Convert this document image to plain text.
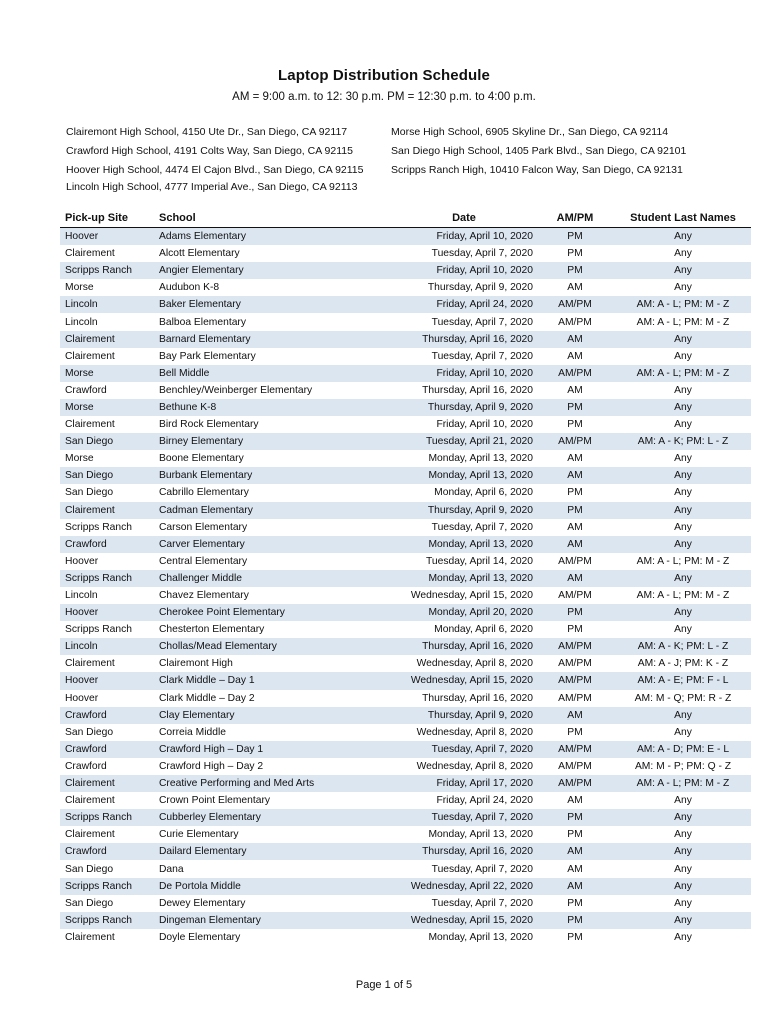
Laptop Distribution Schedule
AM = 9:00 a.m. to 12: 30 p.m. PM = 12:30 p.m. to 4:00 p.m.
Clairemont High School, 4150 Ute Dr., San Diego, CA 92117
Crawford High School, 4191 Colts Way, San Diego, CA 92115
Hoover High School, 4474 El Cajon Blvd., San Diego, CA 92115
Lincoln High School, 4777 Imperial Ave., San Diego, CA 92113
Morse High School, 6905 Skyline Dr., San Diego, CA 92114
San Diego High School, 1405 Park Blvd., San Diego, CA 92101
Scripps Ranch High, 10410 Falcon Way, San Diego, CA 92131
Pick-up Site	School	Date	AM/PM	Student Last Names
Hoover	Adams Elementary	Friday, April 10, 2020	PM	Any
Clairement	Alcott Elementary	Tuesday, April 7, 2020	PM	Any
Scripps Ranch	Angier Elementary	Friday, April 10, 2020	PM	Any
Morse	Audubon K-8	Thursday, April 9, 2020	AM	Any
Lincoln	Baker Elementary	Friday, April 24, 2020	AM/PM	AM: A - L; PM: M - Z
Lincoln	Balboa Elementary	Tuesday, April 7, 2020	AM/PM	AM: A - L; PM: M - Z
Clairement	Barnard Elementary	Thursday, April 16, 2020	AM	Any
Clairement	Bay Park Elementary	Tuesday, April 7, 2020	AM	Any
Morse	Bell Middle	Friday, April 10, 2020	AM/PM	AM: A - L; PM: M - Z
Crawford	Benchley/Weinberger Elementary	Thursday, April 16, 2020	AM	Any
Morse	Bethune K-8	Thursday, April 9, 2020	PM	Any
Clairement	Bird Rock Elementary	Friday, April 10, 2020	PM	Any
San Diego	Birney Elementary	Tuesday, April 21, 2020	AM/PM	AM: A - K; PM: L - Z
Morse	Boone Elementary	Monday, April 13, 2020	AM	Any
San Diego	Burbank Elementary	Monday, April 13, 2020	AM	Any
San Diego	Cabrillo Elementary	Monday, April 6, 2020	PM	Any
Clairement	Cadman Elementary	Thursday, April 9, 2020	PM	Any
Scripps Ranch	Carson Elementary	Tuesday, April 7, 2020	AM	Any
Crawford	Carver Elementary	Monday, April 13, 2020	AM	Any
Hoover	Central Elementary	Tuesday, April 14, 2020	AM/PM	AM: A - L; PM: M - Z
Scripps Ranch	Challenger Middle	Monday, April 13, 2020	AM	Any
Lincoln	Chavez Elementary	Wednesday, April 15, 2020	AM/PM	AM: A - L; PM: M - Z
Hoover	Cherokee Point Elementary	Monday, April 20, 2020	PM	Any
Scripps Ranch	Chesterton Elementary	Monday, April 6, 2020	PM	Any
Lincoln	Chollas/Mead Elementary	Thursday, April 16, 2020	AM/PM	AM: A - K; PM: L - Z
Clairement	Clairemont High	Wednesday, April 8, 2020	AM/PM	AM: A - J; PM: K - Z
Hoover	Clark Middle – Day 1	Wednesday, April 15, 2020	AM/PM	AM: A - E; PM: F - L
Hoover	Clark Middle – Day 2	Thursday, April 16, 2020	AM/PM	AM: M - Q; PM: R - Z
Crawford	Clay Elementary	Thursday, April 9, 2020	AM	Any
San Diego	Correia Middle	Wednesday, April 8, 2020	PM	Any
Crawford	Crawford High – Day 1	Tuesday, April 7, 2020	AM/PM	AM: A - D; PM: E - L
Crawford	Crawford High – Day 2	Wednesday, April 8, 2020	AM/PM	AM: M - P; PM: Q - Z
Clairement	Creative Performing and Med Arts	Friday, April 17, 2020	AM/PM	AM: A - L; PM: M - Z
Clairement	Crown Point Elementary	Friday, April 24, 2020	AM	Any
Scripps Ranch	Cubberley Elementary	Tuesday, April 7, 2020	PM	Any
Clairement	Curie Elementary	Monday, April 13, 2020	PM	Any
Crawford	Dailard Elementary	Thursday, April 16, 2020	AM	Any
San Diego	Dana	Tuesday, April 7, 2020	AM	Any
Scripps Ranch	De Portola Middle	Wednesday, April 22, 2020	AM	Any
San Diego	Dewey Elementary	Tuesday, April 7, 2020	PM	Any
Scripps Ranch	Dingeman Elementary	Wednesday, April 15, 2020	PM	Any
Clairement	Doyle Elementary	Monday, April 13, 2020	PM	Any
Page 1 of 5
